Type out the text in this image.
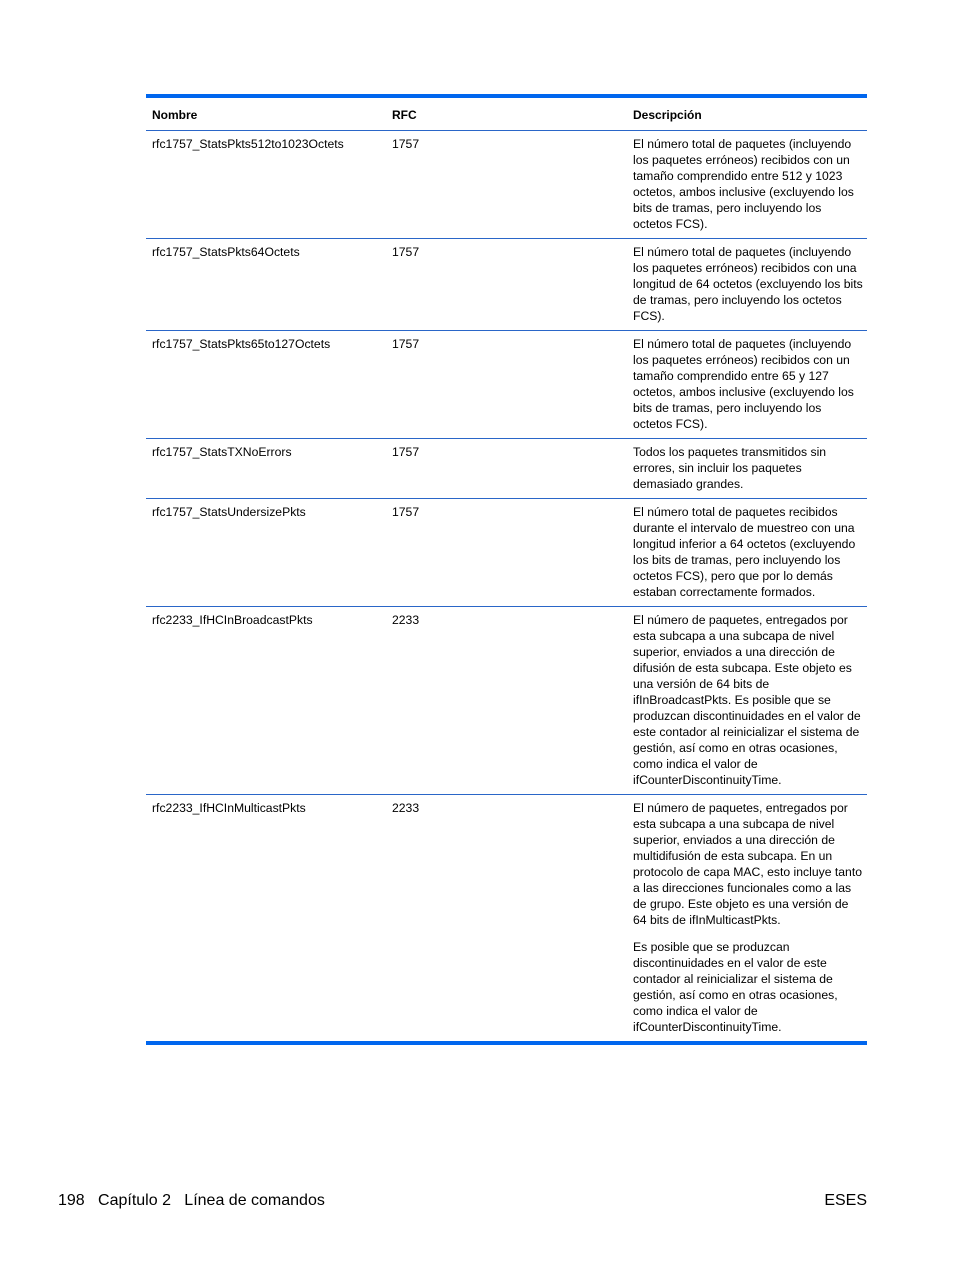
Nombre	RFC	Descripción
rfc1757_StatsPkts512to1023Octets	1757	El número total de paquetes (incluyendo los paquetes erróneos) recibidos con un tamaño comprendido entre 512 y 1023 octetos, ambos inclusive (excluyendo los bits de tramas, pero incluyendo los octetos FCS).

rfc1757_StatsPkts64Octets	1757	El número total de paquetes (incluyendo los paquetes erróneos) recibidos con una longitud de 64 octetos (excluyendo los bits de tramas, pero incluyendo los octetos FCS).

rfc1757_StatsPkts65to127Octets	1757	El número total de paquetes (incluyendo los paquetes erróneos) recibidos con un tamaño comprendido entre 65 y 127 octetos, ambos inclusive (excluyendo los bits de tramas, pero incluyendo los octetos FCS).

rfc1757_StatsTXNoErrors	1757	Todos los paquetes transmitidos sin errores, sin incluir los paquetes demasiado grandes.

rfc1757_StatsUndersizePkts	1757	El número total de paquetes recibidos durante el intervalo de muestreo con una longitud inferior a 64 octetos (excluyendo los bits de tramas, pero incluyendo los octetos FCS), pero que por lo demás estaban correctamente formados.

rfc2233_IfHCInBroadcastPkts	2233	El número de paquetes, entregados por esta subcapa a una subcapa de nivel superior, enviados a una dirección de difusión de esta subcapa. Este objeto es una versión de 64 bits de ifInBroadcastPkts. Es posible que se produzcan discontinuidades en el valor de este contador al reinicializar el sistema de gestión, así como en otras ocasiones, como indica el valor de ifCounterDiscontinuityTime.

rfc2233_IfHCInMulticastPkts	2233	El número de paquetes, entregados por esta subcapa a una subcapa de nivel superior, enviados a una dirección de multidifusión de esta subcapa. En un protocolo de capa MAC, esto incluye tanto a las direcciones funcionales como a las de grupo. Este objeto es una versión de 64 bits de ifInMulticastPkts.

Es posible que se produzcan discontinuidades en el valor de este contador al reinicializar el sistema de gestión, así como en otras ocasiones, como indica el valor de ifCounterDiscontinuityTime.

198   Capítulo 2   Línea de comandos	ESES
